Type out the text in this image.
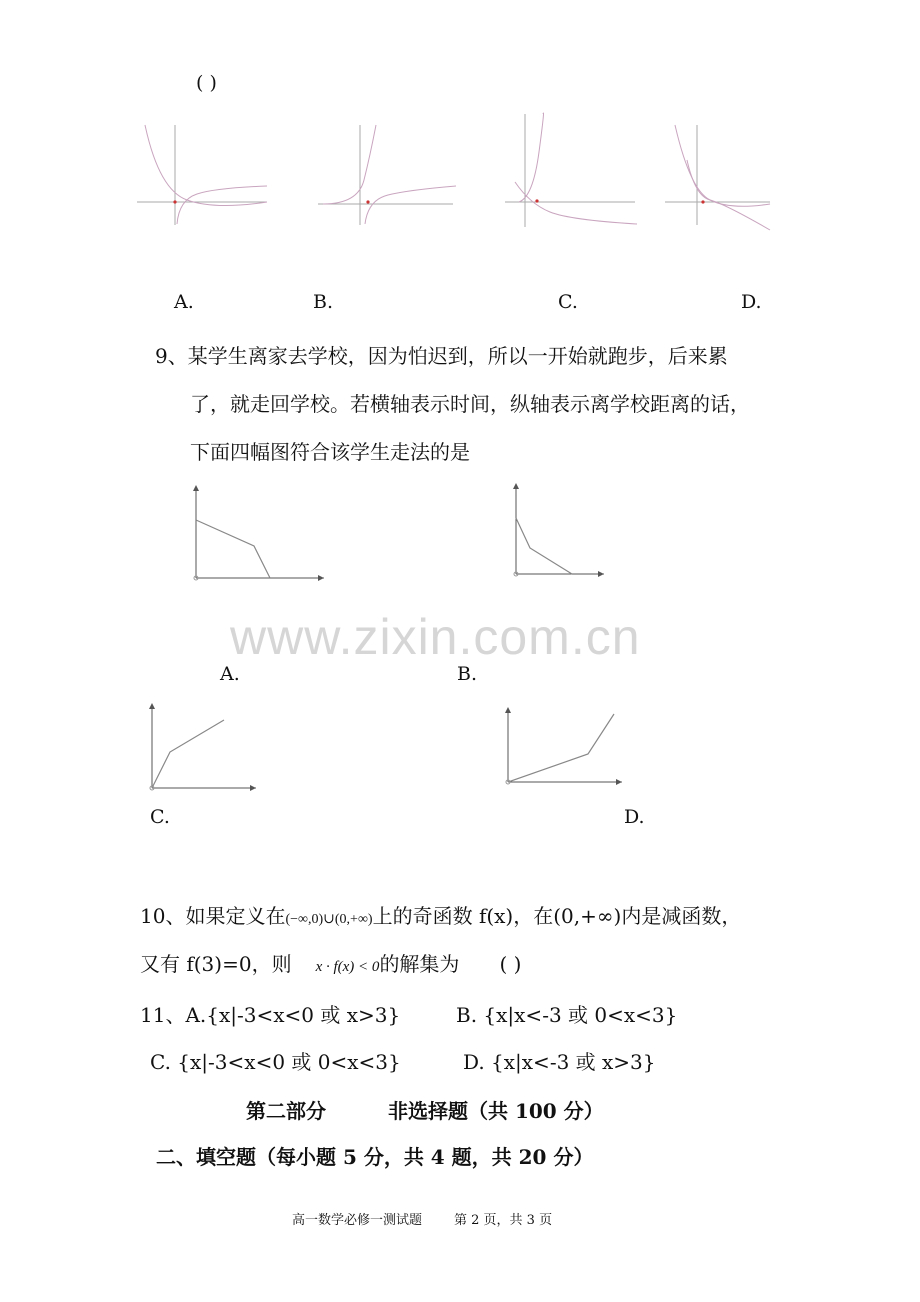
( )
A.	B.	C.	D.
9、某学生离家去学校，因为怕迟到，所以一开始就跑步，后来累
了，就走回学校。若横轴表示时间，纵轴表示离学校距离的话，
下面四幅图符合该学生走法的是
www.zixin.com.cn
A.	B.
C.	D.
10、如果定义在(−∞,0)∪(0,+∞)上的奇函数 f(x)，在(0,+∞)内是减函数，
又有 f(3)=0，则 x · f(x) < 0的解集为 ( )
11、A.{x|-3<x<0 或 x>3}	B. {x|x<-3 或 0<x<3}
C. {x|-3<x<0 或 0<x<3}	D. {x|x<-3 或 x>3}
第二部分	非选择题（共 100 分）
二、填空题（每小题 5 分，共 4 题，共 20 分）
高一数学必修一测试题 第 2 页，共 3 页
